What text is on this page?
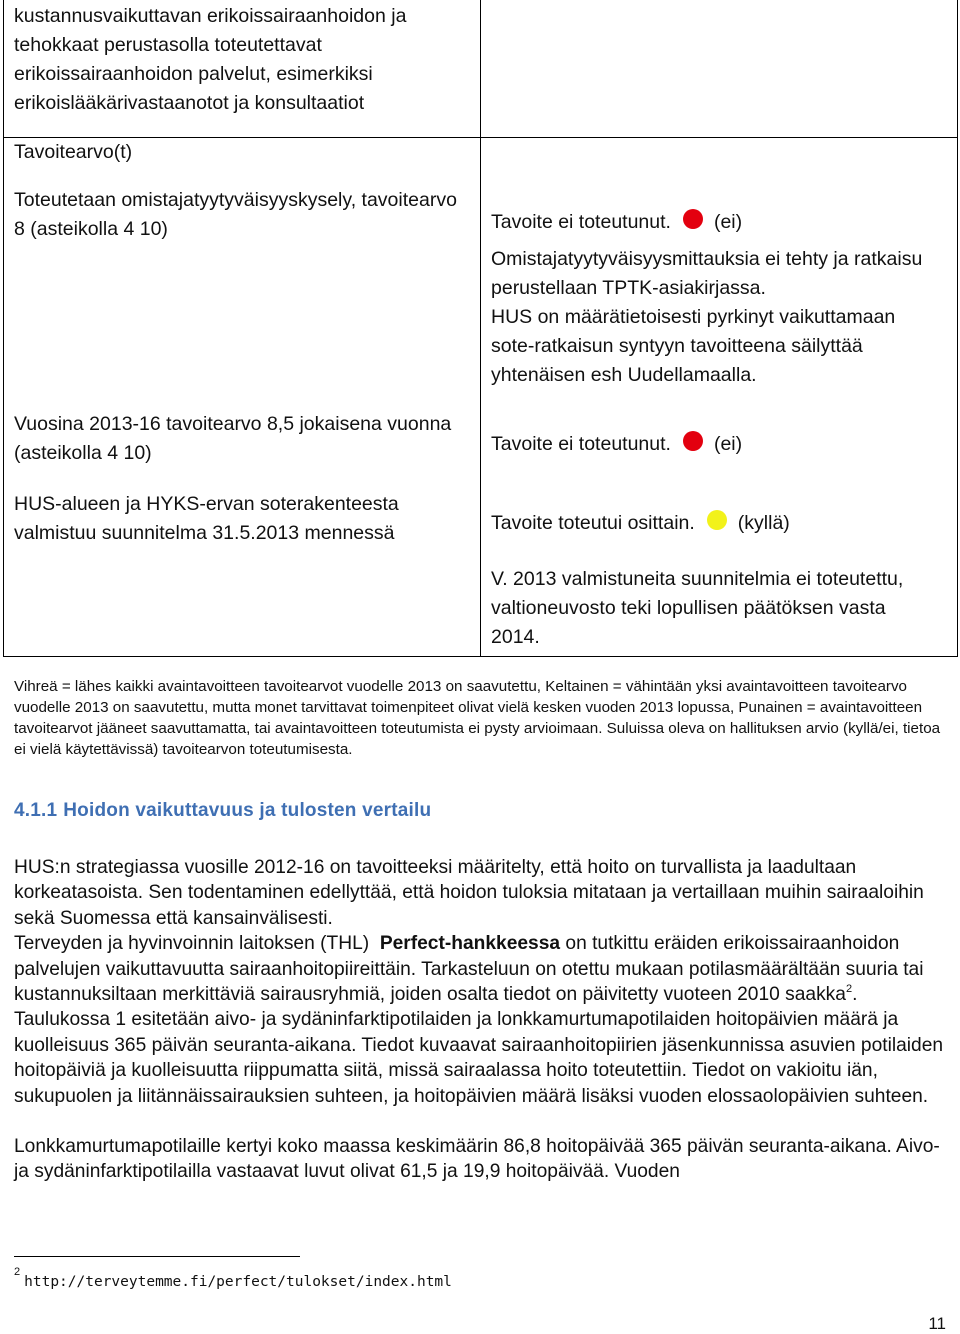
kustannusvaikuttavan erikoissairaanhoidon ja tehokkaat perustasolla toteutettavat erikoissairaanhoidon palvelut, esimerkiksi erikoislääkärivastaanotot ja konsultaatiot

Tavoitearvo(t)

Toteutetaan omistajatyytyväisyyskysely, tavoitearvo 8 (asteikolla 4 10)

Vuosina 2013-16 tavoitearvo 8,5 jokaisena vuonna (asteikolla 4 10)

HUS-alueen ja HYKS-ervan soterakenteesta valmistuu suunnitelma 31.5.2013 mennessä

Tavoite ei toteutunut. (ei)

Omistajatyytyväisyysmittauksia ei tehty ja ratkaisu perustellaan TPTK-asiakirjassa.

HUS on määrätietoisesti pyrkinyt vaikuttamaan sote-ratkaisun syntyyn tavoitteena säilyttää yhtenäisen esh Uudellamaalla.

Tavoite ei toteutunut. (ei)
Tavoite toteutui osittain. (kyllä)

V. 2013 valmistuneita suunnitelmia ei toteutettu, valtioneuvosto teki lopullisen päätöksen vasta 2014.

Vihreä = lähes kaikki avaintavoitteen tavoitearvot vuodelle 2013 on saavutettu, Keltainen = vähintään yksi avaintavoitteen tavoitearvo vuodelle 2013 on saavutettu, mutta monet tarvittavat toimenpiteet olivat vielä kesken vuoden 2013 lopussa, Punainen = avaintavoitteen tavoitearvot jääneet saavuttamatta, tai avaintavoitteen toteutumista ei pysty arvioimaan. Suluissa oleva on hallituksen arvio (kyllä/ei, tietoa ei vielä käytettävissä) tavoitearvon toteutumisesta.

4.1.1 Hoidon vaikuttavuus ja tulosten vertailu

HUS:n strategiassa vuosille 2012-16 on tavoitteeksi määritelty, että hoito on turvallista ja laadultaan korkeatasoista. Sen todentaminen edellyttää, että hoidon tuloksia mitataan ja vertaillaan muihin sairaaloihin sekä Suomessa että kansainvälisesti.

Terveyden ja hyvinvoinnin laitoksen (THL) Perfect-hankkeessa on tutkittu eräiden erikoissairaanhoidon palvelujen vaikuttavuutta sairaanhoitopiireittäin. Tarkasteluun on otettu mukaan potilasmäärältään suuria tai kustannuksiltaan merkittäviä sairausryhmiä, joiden osalta tiedot on päivitetty vuoteen 2010 saakka$^2$. Taulukossa 1 esitetään aivo- ja sydäninfarktipotilaiden ja lonkkamurtumapotilaiden hoitopäivien määrä ja kuolleisuus 365 päivän seuranta-aikana. Tiedot kuvaavat sairaanhoitopiirien jäsenkunnissa asuvien potilaiden hoitopäiviä ja kuolleisuutta riippumatta siitä, missä sairaalassa hoito toteutettiin. Tiedot on vakioitu iän, sukupuolen ja liitännäissairauksien suhteen, ja hoitopäivien määrä lisäksi vuoden elossaolopäivien suhteen.

Lonkkamurtumapotilaille kertyi koko maassa keskimäärin 86,8 hoitopäivää 365 päivän seuranta-aikana. Aivo- ja sydäninfarktipotilailla vastaavat luvut olivat 61,5 ja 19,9 hoitopäivää. Vuoden

2
http://terveytemme.fi/perfect/tulokset/index.html
11
